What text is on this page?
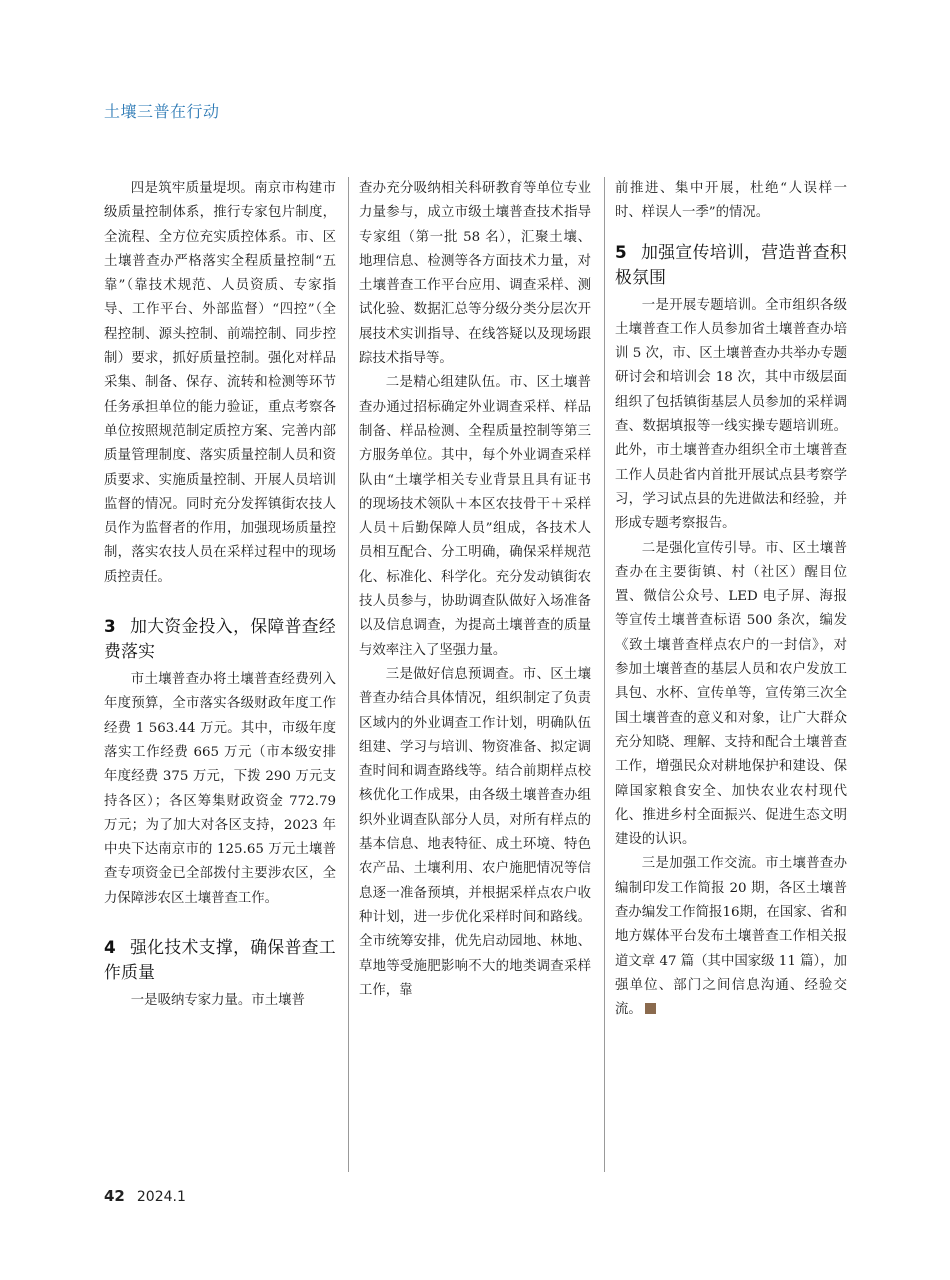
土壤三普在行动

四是筑牢质量堤坝。南京市构建市级质量控制体系，推行专家包片制度，全流程、全方位充实质控体系。市、区土壤普查办严格落实全程质量控制“五靠”（靠技术规范、人员资质、专家指导、工作平台、外部监督）“四控”（全程控制、源头控制、前端控制、同步控制）要求，抓好质量控制。强化对样品采集、制备、保存、流转和检测等环节任务承担单位的能力验证，重点考察各单位按照规范制定质控方案、完善内部质量管理制度、落实质量控制人员和资质要求、实施质量控制、开展人员培训监督的情况。同时充分发挥镇街农技人员作为监督者的作用，加强现场质量控制，落实农技人员在采样过程中的现场质控责任。

3 加大资金投入，保障普查经费落实

市土壤普查办将土壤普查经费列入年度预算，全市落实各级财政年度工作经费 1 563.44 万元。其中，市级年度落实工作经费 665 万元（市本级安排年度经费 375 万元，下拨 290 万元支持各区）；各区筹集财政资金 772.79 万元；为了加大对各区支持，2023 年中央下达南京市的 125.65 万元土壤普查专项资金已全部拨付主要涉农区，全力保障涉农区土壤普查工作。

4 强化技术支撑，确保普查工作质量

一是吸纳专家力量。市土壤普

查办充分吸纳相关科研教育等单位专业力量参与，成立市级土壤普查技术指导专家组（第一批 58 名），汇聚土壤、地理信息、检测等各方面技术力量，对土壤普查工作平台应用、调查采样、测试化验、数据汇总等分级分类分层次开展技术实训指导、在线答疑以及现场跟踪技术指导等。

二是精心组建队伍。市、区土壤普查办通过招标确定外业调查采样、样品制备、样品检测、全程质量控制等第三方服务单位。其中，每个外业调查采样队由“土壤学相关专业背景且具有证书的现场技术领队＋本区农技骨干＋采样人员＋后勤保障人员”组成，各技术人员相互配合、分工明确，确保采样规范化、标准化、科学化。充分发动镇街农技人员参与，协助调查队做好入场准备以及信息调查，为提高土壤普查的质量与效率注入了坚强力量。

三是做好信息预调查。市、区土壤普查办结合具体情况，组织制定了负责区域内的外业调查工作计划，明确队伍组建、学习与培训、物资准备、拟定调查时间和调查路线等。结合前期样点校核优化工作成果，由各级土壤普查办组织外业调查队部分人员，对所有样点的基本信息、地表特征、成土环境、特色农产品、土壤利用、农户施肥情况等信息逐一准备预填，并根据采样点农户收种计划，进一步优化采样时间和路线。全市统筹安排，优先启动园地、林地、草地等受施肥影响不大的地类调查采样工作，靠

前推进、集中开展，杜绝“人误样一时、样误人一季”的情况。

5 加强宣传培训，营造普查积极氛围

一是开展专题培训。全市组织各级土壤普查工作人员参加省土壤普查办培训 5 次，市、区土壤普查办共举办专题研讨会和培训会 18 次，其中市级层面组织了包括镇街基层人员参加的采样调查、数据填报等一线实操专题培训班。此外，市土壤普查办组织全市土壤普查工作人员赴省内首批开展试点县考察学习，学习试点县的先进做法和经验，并形成专题考察报告。

二是强化宣传引导。市、区土壤普查办在主要街镇、村（社区）醒目位置、微信公众号、LED 电子屏、海报等宣传土壤普查标语 500 条次，编发《致土壤普查样点农户的一封信》，对参加土壤普查的基层人员和农户发放工具包、水杯、宣传单等，宣传第三次全国土壤普查的意义和对象，让广大群众充分知晓、理解、支持和配合土壤普查工作，增强民众对耕地保护和建设、保障国家粮食安全、加快农业农村现代化、推进乡村全面振兴、促进生态文明建设的认识。

三是加强工作交流。市土壤普查办编制印发工作简报 20 期，各区土壤普查办编发工作简报16期，在国家、省和地方媒体平台发布土壤普查工作相关报道文章 47 篇（其中国家级 11 篇），加强单位、部门之间信息沟通、经验交流。

42 2024.1
